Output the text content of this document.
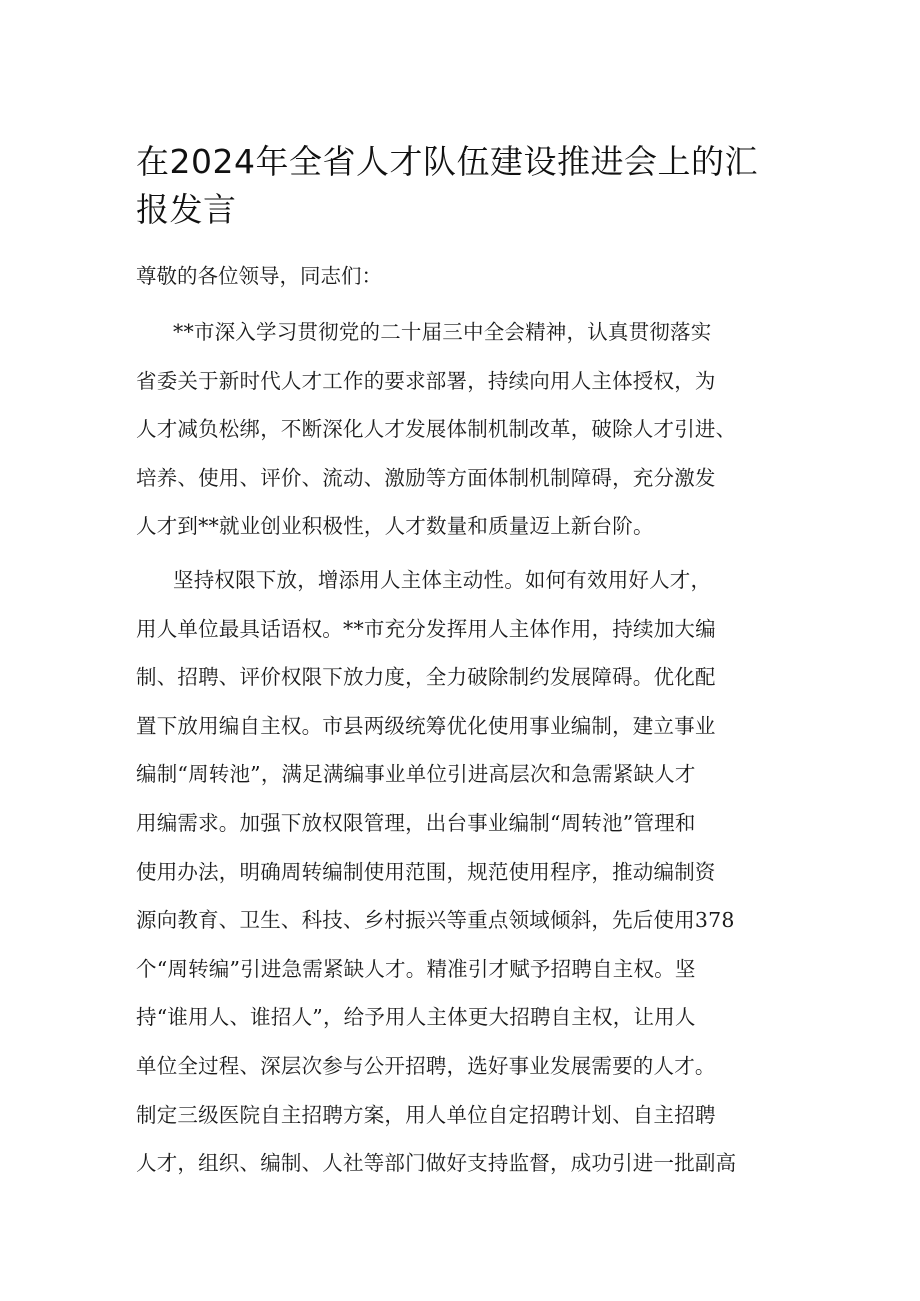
在2024年全省人才队伍建设推进会上的汇
报发言

尊敬的各位领导，同志们：

**市深入学习贯彻党的二十届三中全会精神，认真贯彻落实
省委关于新时代人才工作的要求部署，持续向用人主体授权，为
人才减负松绑，不断深化人才发展体制机制改革，破除人才引进、
培养、使用、评价、流动、激励等方面体制机制障碍，充分激发
人才到**就业创业积极性，人才数量和质量迈上新台阶。
坚持权限下放，增添用人主体主动性。如何有效用好人才，
用人单位最具话语权。**市充分发挥用人主体作用，持续加大编
制、招聘、评价权限下放力度，全力破除制约发展障碍。优化配
置下放用编自主权。市县两级统筹优化使用事业编制，建立事业
编制“周转池”，满足满编事业单位引进高层次和急需紧缺人才
用编需求。加强下放权限管理，出台事业编制“周转池”管理和
使用办法，明确周转编制使用范围，规范使用程序，推动编制资
源向教育、卫生、科技、乡村振兴等重点领域倾斜，先后使用378
个“周转编”引进急需紧缺人才。精准引才赋予招聘自主权。坚
持“谁用人、谁招人”，给予用人主体更大招聘自主权，让用人
单位全过程、深层次参与公开招聘，选好事业发展需要的人才。
制定三级医院自主招聘方案，用人单位自定招聘计划、自主招聘
人才，组织、编制、人社等部门做好支持监督，成功引进一批副高
